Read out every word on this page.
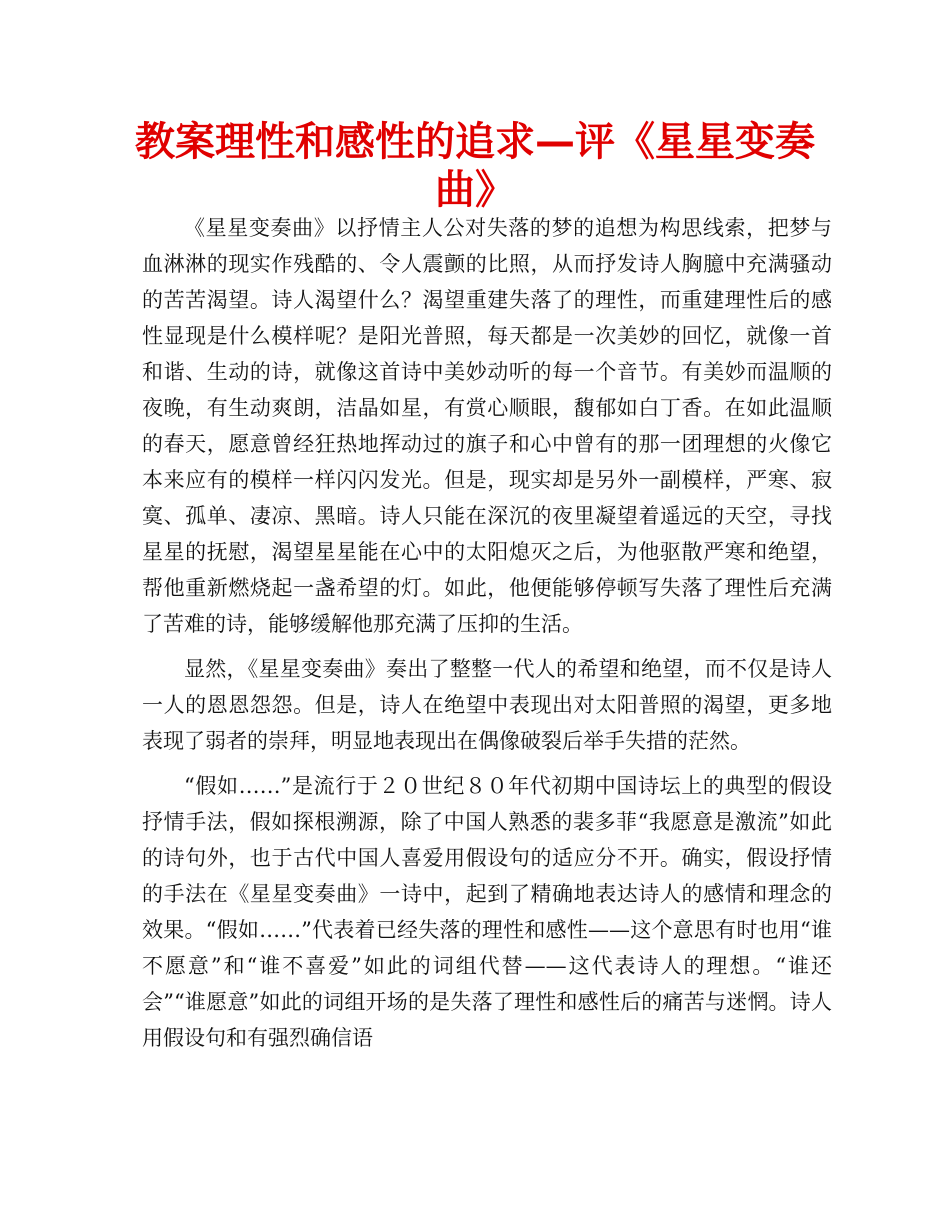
教案理性和感性的追求—评《星星变奏曲》

《星星变奏曲》以抒情主人公对失落的梦的追想为构思线索，把梦与血淋淋的现实作残酷的、令人震颤的比照，从而抒发诗人胸臆中充满骚动的苦苦渴望。诗人渴望什么？渴望重建失落了的理性，而重建理性后的感性显现是什么模样呢？是阳光普照，每天都是一次美妙的回忆，就像一首和谐、生动的诗，就像这首诗中美妙动听的每一个音节。有美妙而温顺的夜晚，有生动爽朗，洁晶如星，有赏心顺眼，馥郁如白丁香。在如此温顺的春天，愿意曾经狂热地挥动过的旗子和心中曾有的那一团理想的火像它本来应有的模样一样闪闪发光。但是，现实却是另外一副模样，严寒、寂寞、孤单、凄凉、黑暗。诗人只能在深沉的夜里凝望着遥远的天空，寻找星星的抚慰，渴望星星能在心中的太阳熄灭之后，为他驱散严寒和绝望，帮他重新燃烧起一盏希望的灯。如此，他便能够停顿写失落了理性后充满了苦难的诗，能够缓解他那充满了压抑的生活。

显然，《星星变奏曲》奏出了整整一代人的希望和绝望，而不仅是诗人一人的恩恩怨怨。但是，诗人在绝望中表现出对太阳普照的渴望，更多地表现了弱者的崇拜，明显地表现出在偶像破裂后举手失措的茫然。

“假如……”是流行于２０世纪８０年代初期中国诗坛上的典型的假设抒情手法，假如探根溯源，除了中国人熟悉的裴多菲“我愿意是激流”如此的诗句外，也于古代中国人喜爱用假设句的适应分不开。确实，假设抒情的手法在《星星变奏曲》一诗中，起到了精确地表达诗人的感情和理念的效果。“假如……”代表着已经失落的理性和感性——这个意思有时也用“谁不愿意”和“谁不喜爱”如此的词组代替——这代表诗人的理想。“谁还会”“谁愿意”如此的词组开场的是失落了理性和感性后的痛苦与迷惘。诗人用假设句和有强烈确信语
